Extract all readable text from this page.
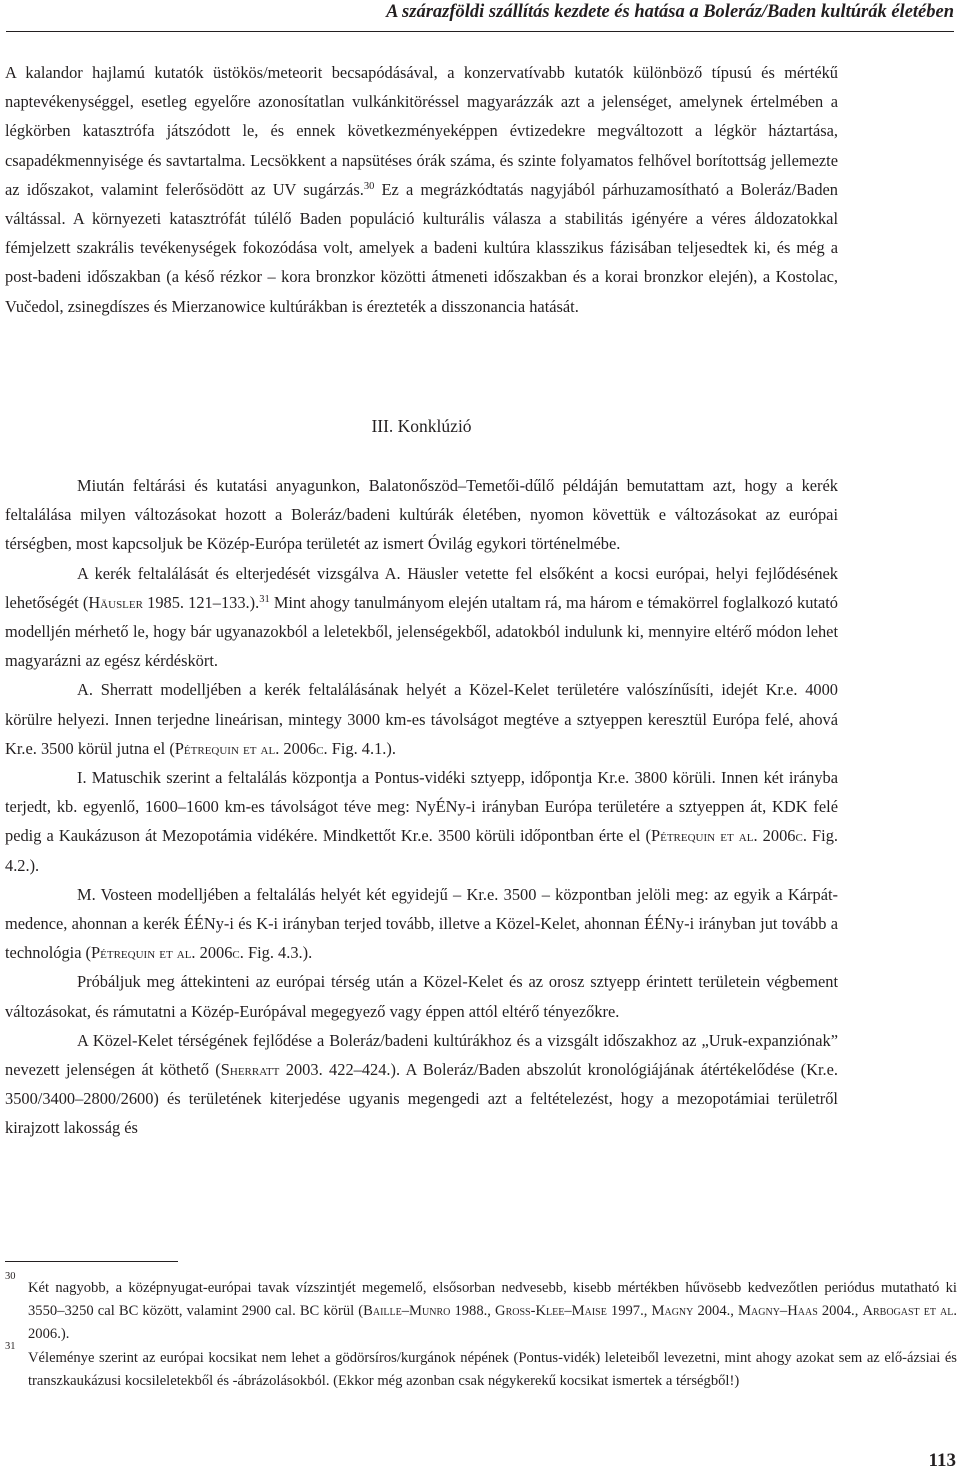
A szárazföldi szállítás kezdete és hatása a Boleráz/Baden kultúrák életében

A kalandor hajlamú kutatók üstökös/meteorit becsapódásával, a konzervatívabb kutatók különböző típusú és mértékű naptevékenységgel, esetleg egyelőre azonosítatlan vulkánkitöréssel magyarázzák azt a jelenséget, amelynek értelmében a légkörben katasztrófa játszódott le, és ennek következményeképpen évtizedekre megváltozott a légkör háztartása, csapadékmennyisége és savtartalma. Lecsökkent a napsütéses órák száma, és szinte folyamatos felhővel borítottság jellemezte az időszakot, valamint felerősödött az UV sugárzás.$^{30}$ Ez a megrázkódtatás nagyjából párhuzamosítható a Boleráz/Baden váltással. A környezeti katasztrófát túlélő Baden populáció kulturális válasza a stabilitás igényére a véres áldozatokkal fémjelzett szakrális tevékenységek fokozódása volt, amelyek a badeni kultúra klasszikus fázisában teljesedtek ki, és még a post-badeni időszakban (a késő rézkor – kora bronzkor közötti átmeneti időszakban és a korai bronzkor elején), a Kostolac, Vučedol, zsinegdíszes és Mierzanowice kultúrákban is érezteték a disszonancia hatását.

III. Konklúzió

Miután feltárási és kutatási anyagunkon, Balatonőszöd–Temetői-dűlő példáján bemutattam azt, hogy a kerék feltalálása milyen változásokat hozott a Boleráz/badeni kultúrák életében, nyomon követtük e változásokat az európai térségben, most kapcsoljuk be Közép-Európa területét az ismert Óvilág egykori történelmébe.

A kerék feltalálását és elterjedését vizsgálva A. Häusler vetette fel elsőként a kocsi európai, helyi fejlődésének lehetőségét (Häusler 1985. 121–133.).$^{31}$ Mint ahogy tanulmányom elején utaltam rá, ma három e témakörrel foglalkozó kutató modelljén mérhető le, hogy bár ugyanazokból a leletekből, jelenségekből, adatokból indulunk ki, mennyire eltérő módon lehet magyarázni az egész kérdéskört.

A. Sherratt modelljében a kerék feltalálásának helyét a Közel-Kelet területére valószínűsíti, idejét Kr.e. 4000 körülre helyezi. Innen terjedne lineárisan, mintegy 3000 km-es távolságot megtéve a sztyeppen keresztül Európa felé, ahová Kr.e. 3500 körül jutna el (Pétrequin et al. 2006c. Fig. 4.1.).

I. Matuschik szerint a feltalálás központja a Pontus-vidéki sztyepp, időpontja Kr.e. 3800 körüli. Innen két irányba terjedt, kb. egyenlő, 1600–1600 km-es távolságot téve meg: NyÉNy-i irányban Európa területére a sztyeppen át, KDK felé pedig a Kaukázuson át Mezopotámia vidékére. Mindkettőt Kr.e. 3500 körüli időpontban érte el (Pétrequin et al. 2006c. Fig. 4.2.).

M. Vosteen modelljében a feltalálás helyét két egyidejű – Kr.e. 3500 – központban jelöli meg: az egyik a Kárpát-medence, ahonnan a kerék ÉÉNy-i és K-i irányban terjed tovább, illetve a Közel-Kelet, ahonnan ÉÉNy-i irányban jut tovább a technológia (Pétrequin et al. 2006c. Fig. 4.3.).

Próbáljuk meg áttekinteni az európai térség után a Közel-Kelet és az orosz sztyepp érintett területein végbement változásokat, és rámutatni a Közép-Európával megegyező vagy éppen attól eltérő tényezőkre.

A Közel-Kelet térségének fejlődése a Boleráz/badeni kultúrákhoz és a vizsgált időszakhoz az „Uruk-expanziónak” nevezett jelenségen át köthető (Sherratt 2003. 422–424.). A Boleráz/Baden abszolút kronológiájának átértékelődése (Kr.e. 3500/3400–2800/2600) és területének kiterjedése ugyanis megengedi azt a feltételezést, hogy a mezopotámiai területről kirajzott lakosság és

30
Két nagyobb, a középnyugat-európai tavak vízszintjét megemelő, elsősorban nedvesebb, kisebb mértékben hűvösebb kedvezőtlen periódus mutatható ki 3550–3250 cal BC között, valamint 2900 cal. BC körül (Baille–Munro 1988., Gross-Klee–Maise 1997., Magny 2004., Magny–Haas 2004., Arbogast et al. 2006.).
31
Véleménye szerint az európai kocsikat nem lehet a gödörsíros/kurgánok népének (Pontus-vidék) leleteiből levezetni, mint ahogy azokat sem az elő-ázsiai és transzkaukázusi kocsileletekből és -ábrázolásokból. (Ekkor még azonban csak négykerekű kocsikat ismertek a térségből!)
113
